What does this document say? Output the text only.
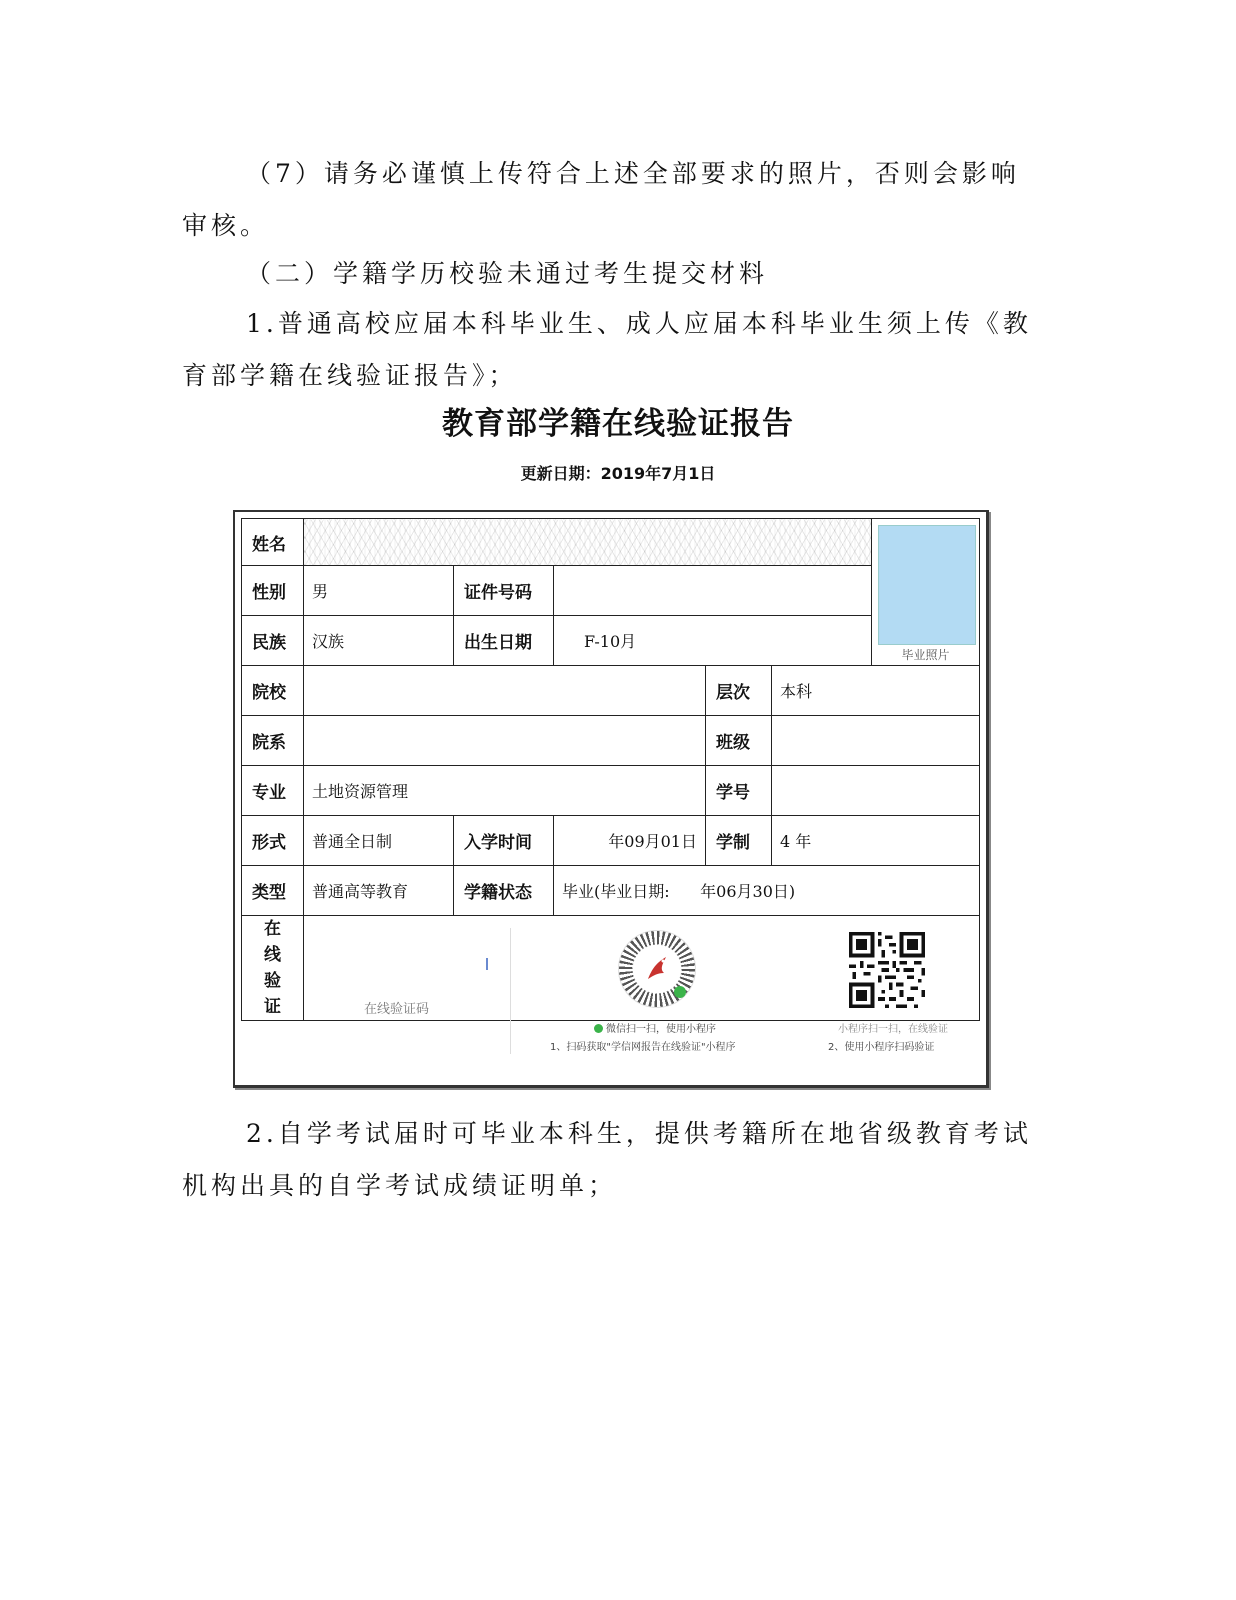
（7）请务必谨慎上传符合上述全部要求的照片，否则会影响审核。

（二）学籍学历校验未通过考生提交材料

1.普通高校应届本科毕业生、成人应届本科毕业生须上传《教育部学籍在线验证报告》；

教育部学籍在线验证报告
更新日期：2019年7月1日
姓名						毕业照片

性别	男	证件号码				
民族	汉族	出生日期	F-10月			
院校				层次	本科	
院系				班级		
专业	土地资源管理			学号		
形式	普通全日制	入学时间	年09月01日	学制	4 年	
类型	普通高等教育	学籍状态	毕业(毕业日期:      年06月30日)			
在线验证	在线验证码
微信扫一扫，使用小程序
1、扫码获取"学信网报告在线验证"小程序
小程序扫一扫，在线验证
2、使用小程序扫码验证					

2.自学考试届时可毕业本科生，提供考籍所在地省级教育考试机构出具的自学考试成绩证明单；
